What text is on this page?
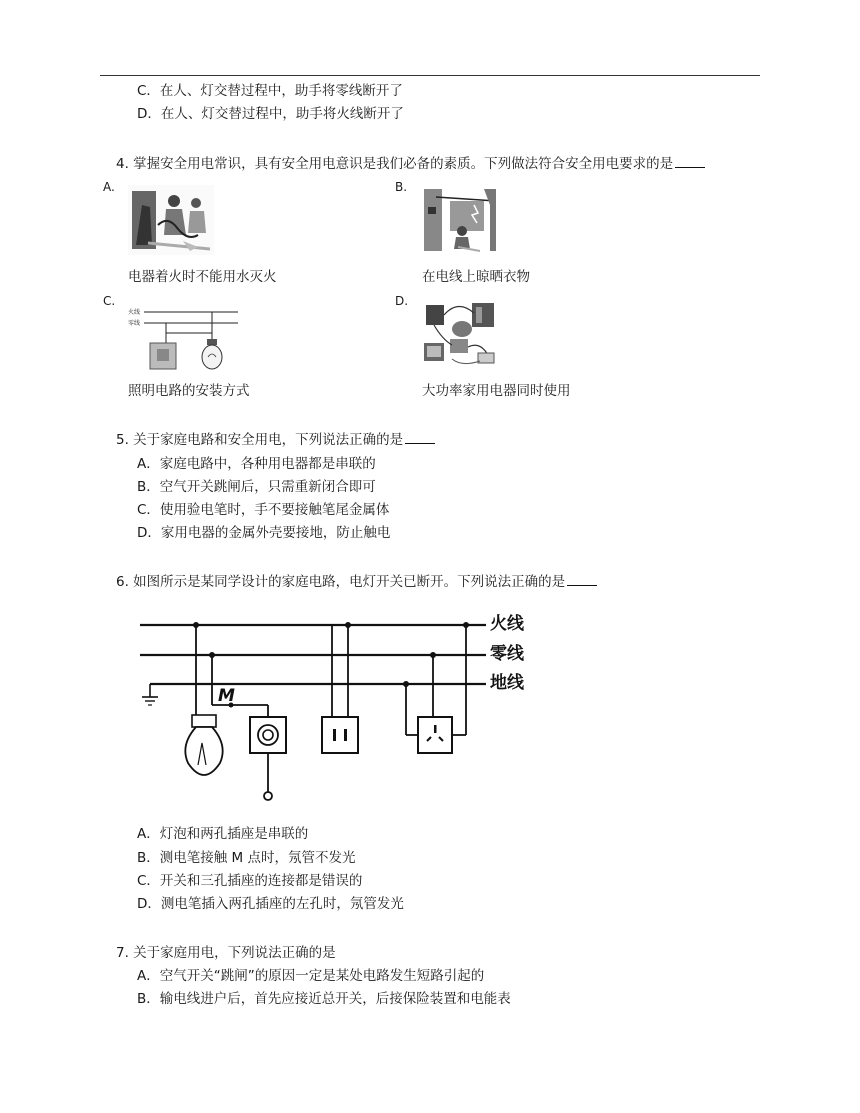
C．在人、灯交替过程中，助手将零线断开了
D．在人、灯交替过程中，助手将火线断开了
4. 掌握安全用电常识，具有安全用电意识是我们必备的素质。下列做法符合安全用电要求的是
A.	B.
电器着火时不能用水灭火	在电线上晾晒衣物
C.	D.
火线
零线
照明电路的安装方式	大功率家用电器同时使用
5. 关于家庭电路和安全用电，下列说法正确的是
A．家庭电路中，各种用电器都是串联的
B．空气开关跳闸后，只需重新闭合即可
C．使用验电笔时，手不要接触笔尾金属体
D．家用电器的金属外壳要接地，防止触电
6. 如图所示是某同学设计的家庭电路，电灯开关已断开。下列说法正确的是
火线
零线
地线
M
A．灯泡和两孔插座是串联的
B．测电笔接触 M 点时，氖管不发光
C．开关和三孔插座的连接都是错误的
D．测电笔插入两孔插座的左孔时，氖管发光
7. 关于家庭用电，下列说法正确的是
A．空气开关“跳闸”的原因一定是某处电路发生短路引起的
B．输电线进户后，首先应接近总开关，后接保险装置和电能表
